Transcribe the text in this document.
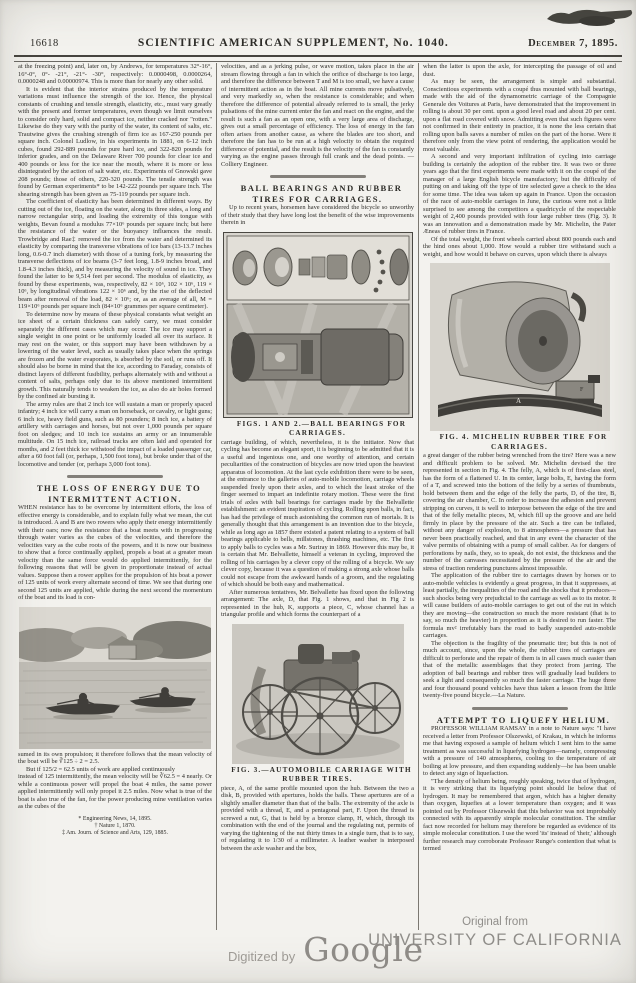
16618	SCIENTIFIC AMERICAN SUPPLEMENT, No. 1040.	December 7, 1895.

at the freezing point) and, later on, by Andrews, for temperatures 32°-16°, 16°-0°, 0°- -21°, -21°- -30°, respectively: 0.0000498, 0.0000264, 0.0000248 and 0.00000974. This is more than for nearly any other solid.

It is evident that the interior strains produced by the temperature variations must influence the strength of the ice. Hence, the physical constants of crushing and tensile strength, elasticity, etc., must vary greatly with the present and former temperatures, even though we limit ourselves to consider only hard, solid and compact ice, neither cracked nor "rotten." Likewise do they vary with the purity of the water, its content of salts, etc. Trautwine gives the crushing strength of firm ice as 167-250 pounds per square inch. Colonel Ludlow, in his experiments in 1881, on 6-12 inch cubes, found 292-889 pounds for pure hard ice, and 322-820 pounds for inferior grades, and on the Delaware River 700 pounds for clear ice and 400 pounds or less for the ice near the mouth, where it is more or less disintegrated by the action of salt water, etc. Experiments of Gnowski gave 208 pounds; those of others, 220-320 pounds. The tensile strength was found by German experiments* to be 142-222 pounds per square inch. The shearing strength has been given as 75-119 pounds per square inch.

The coefficient of elasticity has been determined in different ways. By cutting out of the ice, floating on the water, along its three sides, a long and narrow rectangular strip, and loading the extremity of this tongue with weights, Bevan found a modulus 77×10⁶ pounds per square inch; but here the resistance of the water or the buoyancy influences the result. Trowbridge and Rae‡ removed the ice from the water and determined its elasticity by comparing the transverse vibrations of ice bars (13-13.7 inches long, 0.6-0.7 inch diameter) with those of a tuning fork, by measuring the transverse deflections of ice beams (3-7 feet long, 1.8-9 inches broad, and 1.8-4.3 inches thick), and by measuring the velocity of sound in ice. They found the latter to be 9,514 feet per second. The modulus of elasticity, as found by these experiments, was, respectively, 82 × 10⁶, 102 × 10⁶, 119 × 10⁶, by longitudinal vibrations 122 × 10⁶ and, by the rise of the deflected beam after removal of the load, 82 × 10⁶; or, as an average of all, M = 119×10⁶ pounds per square inch (84×10⁶ grammes per square centimeter).

To determine now by means of these physical constants what weight an ice sheet of a certain thickness can safely carry, we must consider separately the different cases which may occur. The ice may support a single weight in one point or be uniformly loaded all over its surface. It may rest on the water, or this support may have been withdrawn by a lowering of the water level, such as usually takes place when the springs are frozen and the water evaporates, is absorbed by the soil, or runs off. It should also be borne in mind that the ice, according to Faraday, consists of distinct layers of different fusibility, perhaps alternately with and without a content of salts, perhaps only due to its above mentioned intermittent growth. This naturally tends to weaken the ice, as also do air holes formed by the confined air bursting it.

The army rules are that 2 inch ice will sustain a man or properly spaced infantry; 4 inch ice will carry a man on horseback, or cavalry, or light guns; 6 inch ice, heavy field guns, such as 80 pounders; 8 inch ice, a battery of artillery with carriages and horses, but not over 1,000 pounds per square foot on sledges; and 10 inch ice sustains an army or an innumerable multitude. On 15 inch ice, railroad tracks are often laid and operated for months, and 2 feet thick ice withstood the impact of a loaded passenger car, after a 60 foot fall (or, perhaps, 1,500 foot tons), but broke under that of the locomotive and tender (or, perhaps 3,000 foot tons).

THE LOSS OF ENERGY DUE TO INTERMITTENT ACTION.

WHEN resistance has to be overcome by intermittent efforts, the loss of effective energy is considerable, and to explain fully what we mean, the cut is introduced. A and B are two rowers who apply their energy intermittently with their oars; now the resistance that a boat meets with in progressing through water varies as the cubes of the velocities, and therefore the velocities vary as the cube roots of the powers, and it is now our business to show that a force continually applied, propels a boat at a greater mean velocity than the same force would do applied intermittently, for the following reasons that will be given in proportionate instead of actual values. Suppose then a rower applies for the propulsion of his boat a power of 125 units of work every alternate second of time. We see that during one second 125 units are applied, while during the next second the momentum of the boat and its load is con-

sumed in its own propulsion; it therefore follows that the mean velocity of the boat will be ∛125 ÷ 2 = 2.5.

But if 125/2 = 62.5 units of work are applied continuously

instead of 125 intermittently, the mean velocity will be ∛62.5 = 4 nearly. Or while a continuous power will propel the boat 4 miles, the same power applied intermittently will only propel it 2.5 miles. Now what is true of the boat is also true of the fan, for the power producing mine ventilation varies as the cubes of the

* Engineering News, 14, 1895.
† Nature 1, 1870.
‡ Am. Journ. of Science and Arts, 129, 1885.

velocities, and as a jerking pulse, or wave motion, takes place in the air stream flowing through a fan in which the orifice of discharge is too large, and therefore the difference between T and M is too small, we have a cause of intermittent action as in the boat. All mine currents move pulsatively, and very markedly so, when the resistance is considerable; and when therefore the difference of potential already referred to is small, the jerky pulsations of the mine current enter the fan and react on the engine, and the result is such a fan as an open one, with a very large area of discharge, gives out a small percentage of efficiency. The loss of energy in the fan often arises from another cause, as where the blades are too short, and therefore the fan has to be run at a high velocity to obtain the required difference of potential, and the result is the velocity of the fan is constantly varying as the engine passes through full crank and the dead points. —Colliery Engineer.

BALL BEARINGS AND RUBBER TIRES FOR CARRIAGES.

Up to recent years, horsemen have considered the bicycle so unworthy of their study that they have long lost the benefit of the wise improvements therein in

FIGS. 1 AND 2.—BALL BEARINGS FOR CARRIAGES.

carriage building, of which, nevertheless, it is the initiator. Now that cycling has become an elegant sport, it is beginning to be admitted that it is a useful and ingenious one, and one worthy of attention, and certain peculiarities of the construction of bicycles are now tried upon the heaviest apparatus of locomotion. At the last cycle exhibition there were to be seen, at the entrance to the galleries of auto-mobile locomotion, carriage wheels suspended freely upon their axles, and to which the least stroke of the finger seemed to impart an indefinite rotary motion. These were the first trials of axles with ball bearings for carriages made by the Belvallette establishment: an evident inspiration of cycling. Rolling upon balls, in fact, has had the privilege of much astonishing the common run of mortals. It is generally thought that this arrangement is an invention due to the bicycle, while as long ago as 1857 there existed a patent relating to a system of ball bearings applicable to bells, millstones, thrashing machines, etc. The first to apply balls to cycles was a Mr. Suriray in 1869. However this may be, it is certain that Mr. Belvallette, himself a veteran in cycling, improved the rolling of his carriages by a clever copy of the rolling of a bicycle. We say clever copy, because it was a question of making a strong axle whose balls could not escape from the awkward hands of a groom, and the regulating of which should be both easy and mathematical.

After numerous tentatives, Mr. Belvallette has fixed upon the following arrangement: The axle, D, that Fig. 1 shows, and that in Fig 2 is represented in the hub, K, supports a piece, C, whose channel has a triangular profile and which forms the counterpart of a

FIG. 3.—AUTOMOBILE CARRIAGE WITH RUBBER TIRES.

piece, A, of the same profile mounted upon the hub. Between the two a disk, B, provided with apertures, holds the balls. These apertures are of a slightly smaller diameter than that of the balls. The extremity of the axle is provided with a thread, E, and a pentagonal part, F. Upon the thread is screwed a nut, G, that is held by a bronze clamp, H, which, through its combination with the end of the journal and the regulating nut, permits of varying the tightening of the nut thirty times in a single turn, that is to say, of regulating it to 1/30 of a millimeter. A leather washer is interposed between the axle washer and the box,

when the latter is upon the axle, for intercepting the passage of oil and dust.

As may be seen, the arrangement is simple and substantial. Conscientious experiments with a coupé thus mounted with ball bearings, made with the aid of the dynamometric carriage of the Compagnie Generale des Voitures at Paris, have demonstrated that the improvement in rolling is about 30 per cent. upon a good level road and about 20 per cent. upon a flat road covered with snow. Admitting even that such figures were not confirmed in their entirety in practice, it is none the less certain that rolling upon balls saves a number of miles on the part of the horse. Were it therefore only from the view point of rendering, the application would be most valuable.

A second and very important infiltration of cycling into carriage building is certainly the adoption of the rubber tire. It was two or three years ago that the first experiments were made with it on the coupé of the manager of a large English bicycle manufactory; but the difficulty of putting on and taking off the type of tire selected gave a check to the idea for some time. The idea was taken up again in France. Upon the occasion of the race of auto-mobile carriages in June, the curious were not a little surprised to see among the competitors a quadricycle of the respectable weight of 2,400 pounds provided with four large rubber tires (Fig. 3). It was an innovation and a demonstration made by Mr. Michelin, the Pater Æneas of rubber tires in France.

Of the total weight, the front wheels carried about 800 pounds each and the hind ones about 1,000. How would a rubber tire withstand such a weight, and how would it behave on curves, upon which there is always

A
F

FIG. 4. MICHELIN RUBBER TIRE FOR CARRIAGES.

a great danger of the rubber being wrenched from the tire? Here was a new and difficult problem to be solved. Mr. Michelin devised the tire represented in section in Fig. 4. The felly, A, which is of first-class steel, has the form of a flattened U. In its center, large bolts, E, having the form of a T, and screwed into the bottom of the felly by a series of thumbnuts, hold between them and the edge of the felly the parts, D, of the tire, B, covering the air chamber, C. In order to increase the adhesion and prevent stripping on curves, it is well to interpose between the edge of the tire and that of the felly metallic pieces, M, which fill up the groove and are held firmly in place by the pressure of the air. Such a tire can be inflated, without any danger of explosion, to 8 atmospheres—a pressure that has never been practically reached, and that in any event the character of the valve permits of obtaining with a pump of small caliber. As for dangers of perforations by nails, they, so to speak, do not exist, the thickness and the number of the canvases necessitated by the pressure of the air and the stress of traction rendering punctures almost impossible.

The application of the rubber tire to carriages drawn by horses or to auto-mobile vehicles is evidently a great progress, in that it suppresses, at least partially, the inequalities of the road and the shocks that it produces—such shocks being very prejudicial to the carriage as well as to its motor. It will cause builders of auto-mobile carriages to get out of the rut in which they are moving—the construction so much the more resistant (that is to say, so much the heavier) in proportion as it is desired to run faster. The formula mv² irrefutably bars the road to badly suspended auto-mobile carriages.

The objection is the fragility of the pneumatic tire; but this is not of much account, since, upon the whole, the rubber tires of carriages are difficult to perforate and the repair of them is in all cases much easier than that of the metallic assemblages that they protect from jarring. The adoption of ball bearings and rubber tires will gradually lead builders to seek a light and consequently so much the faster carriage. The huge three and four thousand pound vehicles have thus taken a lesson from the little twenty-five pound bicycle.—La Nature.

ATTEMPT TO LIQUEFY HELIUM.

PROFESSOR WILLIAM RAMSAY in a note to Nature says: "I have received a letter from Professor Olszewski, of Krakau, in which he informs me that having exposed a sample of helium which I sent him to the same treatment as was successful in liquefying hydrogen—namely, compressing with a pressure of 140 atmospheres, cooling to the temperature of air boiling at low pressure, and then expanding suddenly—he has been unable to detect any sign of liquefaction.

"The density of helium being, roughly speaking, twice that of hydrogen, it is very striking that its liquefying point should lie below that of hydrogen. It may be remembered that argon, which has a higher density than oxygen, liquefies at a lower temperature than oxygen; and it was pointed out by Professor Olszewski that this behavior was not improbably connected with its apparently simple molecular constitution. The similar fact now recorded for helium may therefore be regarded as evidence of its simple molecular constitution. I use the word 'its' instead of 'their,' although further research may corroborate Professor Runge's contention that what is termed

Digitized by Google
Original from
UNIVERSITY OF CALIFORNIA
